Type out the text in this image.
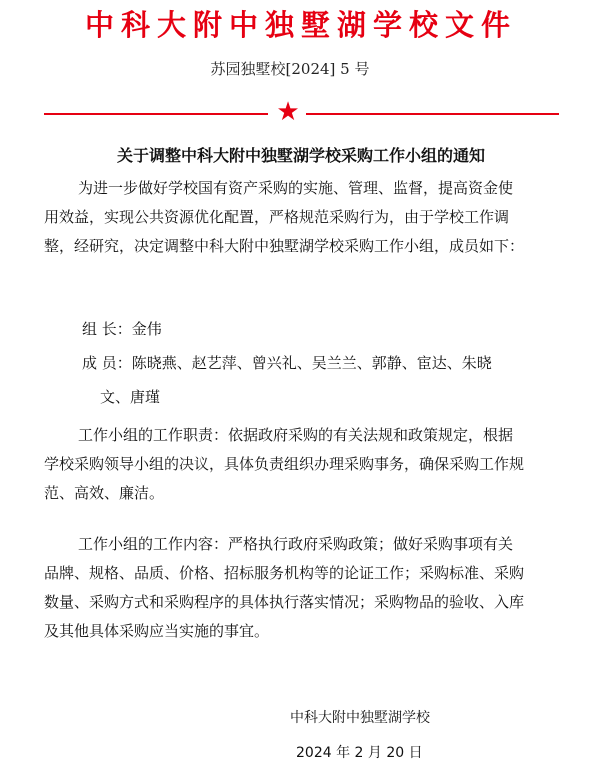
中科大附中独墅湖学校文件
苏园独墅校[2024] 5 号
★
关于调整中科大附中独墅湖学校采购工作小组的通知

为进一步做好学校国有资产采购的实施、管理、监督，提高资金使用效益，实现公共资源优化配置，严格规范采购行为，由于学校工作调整，经研究，决定调整中科大附中独墅湖学校采购工作小组，成员如下：

组 长：金伟
成 员：陈晓燕、赵艺萍、曾兴礼、吴兰兰、郭静、宦达、朱晓
文、唐瑾

工作小组的工作职责：依据政府采购的有关法规和政策规定，根据学校采购领导小组的决议，具体负责组织办理采购事务，确保采购工作规范、高效、廉洁。

工作小组的工作内容：严格执行政府采购政策；做好采购事项有关品牌、规格、品质、价格、招标服务机构等的论证工作；采购标准、采购数量、采购方式和采购程序的具体执行落实情况；采购物品的验收、入库及其他具体采购应当实施的事宜。

中科大附中独墅湖学校
2024 年 2 月 20 日
